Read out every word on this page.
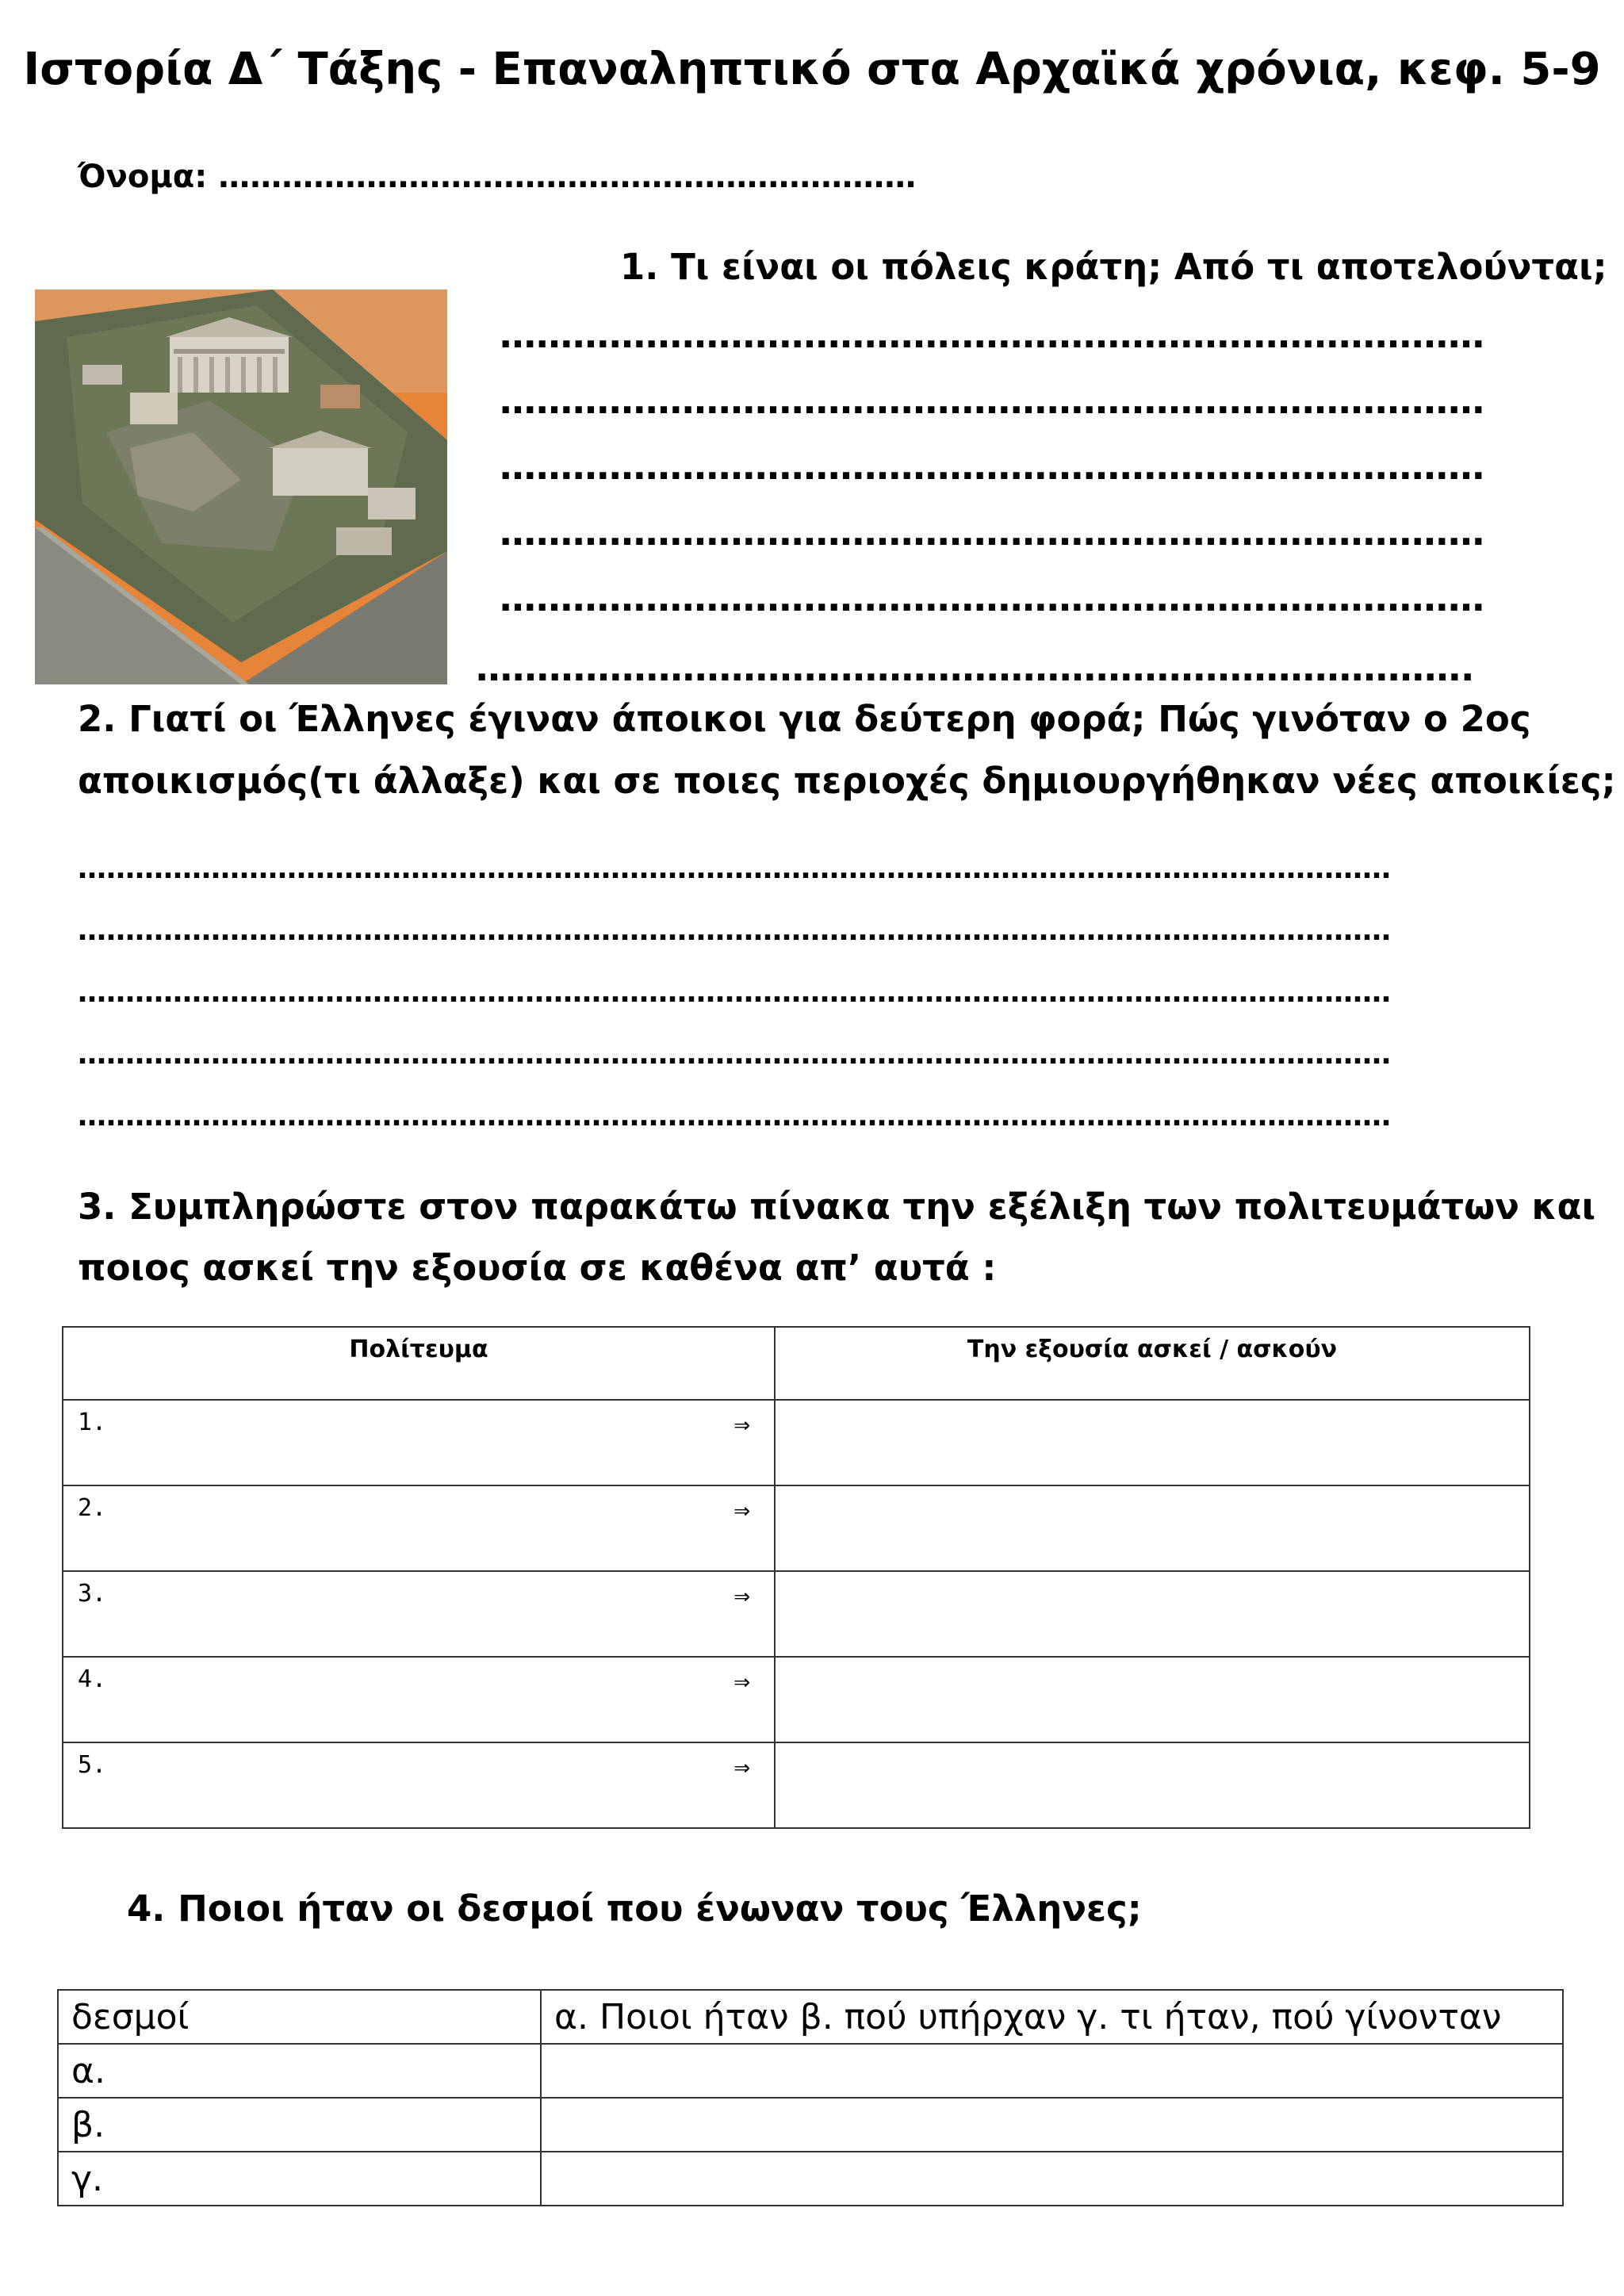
Ιστορία Δ΄ Τάξης - Επαναληπτικό στα Αρχαϊκά χρόνια, κεφ. 5-9
Όνομα: …………………………………………………………
1. Τι είναι οι πόλεις κράτη; Από τι αποτελούνται;
………………………………………………………………………
………………………………………………………………………
………………………………………………………………………
………………………………………………………………………
………………………………………………………………………
……………………………………………………………………….
2. Γιατί οι Έλληνες έγιναν άποικοι για δεύτερη φορά; Πώς γινόταν ο 2ος
αποικισμός(τι άλλαξε) και σε ποιες περιοχές δημιουργήθηκαν νέες αποικίες;
…………………………………………………………………………………………………………………………
…………………………………………………………………………………………………………………………
…………………………………………………………………………………………………………………………
…………………………………………………………………………………………………………………………
…………………………………………………………………………………………………………………………
3. Συμπληρώστε στον παρακάτω πίνακα την εξέλιξη των πολιτευμάτων και
ποιος ασκεί την εξουσία σε καθένα απ’ αυτά :
Πολίτευμα	Την εξουσία ασκεί / ασκούν
1. ⇒	

2. ⇒	

3. ⇒	

4. ⇒	

5. ⇒	

4. Ποιοι ήταν οι δεσμοί που ένωναν τους Έλληνες;
δεσμοί	α. Ποιοι ήταν β. πού υπήρχαν γ. τι ήταν, πού γίνονταν
α.	
β.	
γ.	
